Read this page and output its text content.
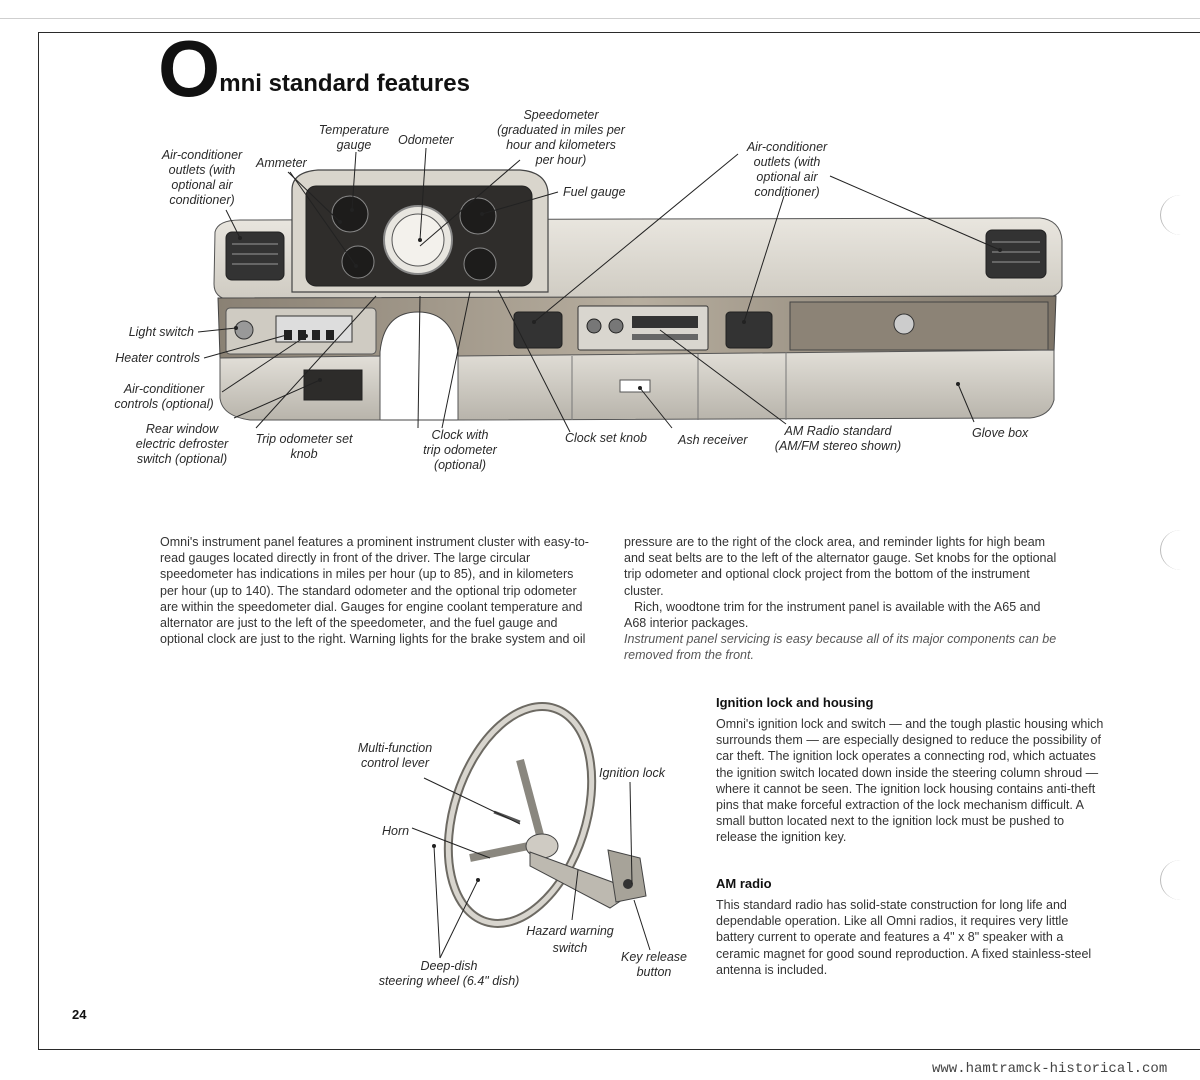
O mni standard features
Air-conditioner
outlets (with
optional air
conditioner)
Ammeter
Temperature
gauge	Odometer
Speedometer
(graduated in miles per
hour and kilometers
per hour)
Fuel gauge
Air-conditioner
outlets (with
optional air
conditioner)
Light switch
Heater controls
Air-conditioner
controls (optional)
Rear window
electric defroster
switch (optional)
Trip odometer set
knob
Clock with
trip odometer
(optional)
Clock set knob Ash receiver
AM Radio standard
(AM/FM stereo shown)
Glove box

Omni's instrument panel features a prominent instrument cluster with easy-to-read gauges located directly in front of the driver. The large circular speedometer has indications in miles per hour (up to 85), and in kilometers per hour (up to 140). The standard odometer and the optional trip odometer are within the speedometer dial. Gauges for engine coolant temperature and alternator are just to the left of the speedometer, and the fuel gauge and optional clock are just to the right. Warning lights for the brake system and oil

pressure are to the right of the clock area, and reminder lights for high beam and seat belts are to the left of the alternator gauge. Set knobs for the optional trip odometer and optional clock project from the bottom of the instrument cluster.

Rich, woodtone trim for the instrument panel is available with the A65 and A68 interior packages.

Instrument panel servicing is easy because all of its major components can be removed from the front.

Multi-function
control lever
Horn
Ignition lock
Hazard warning
switch
Key release
button
Deep-dish
steering wheel (6.4" dish)
Ignition lock and housing

Omni's ignition lock and switch — and the tough plastic housing which surrounds them — are especially designed to reduce the possibility of car theft. The ignition lock operates a connecting rod, which actuates the ignition switch located down inside the steering column shroud — where it cannot be seen. The ignition lock housing contains anti-theft pins that make forceful extraction of the lock mechanism difficult. A small button located next to the ignition lock must be pushed to release the ignition key.

AM radio

This standard radio has solid-state construction for long life and dependable operation. Like all Omni radios, it requires very little battery current to operate and features a 4" x 8" speaker with a ceramic magnet for good sound reproduction. A fixed stainless-steel antenna is included.

24
www.hamtramck-historical.com
